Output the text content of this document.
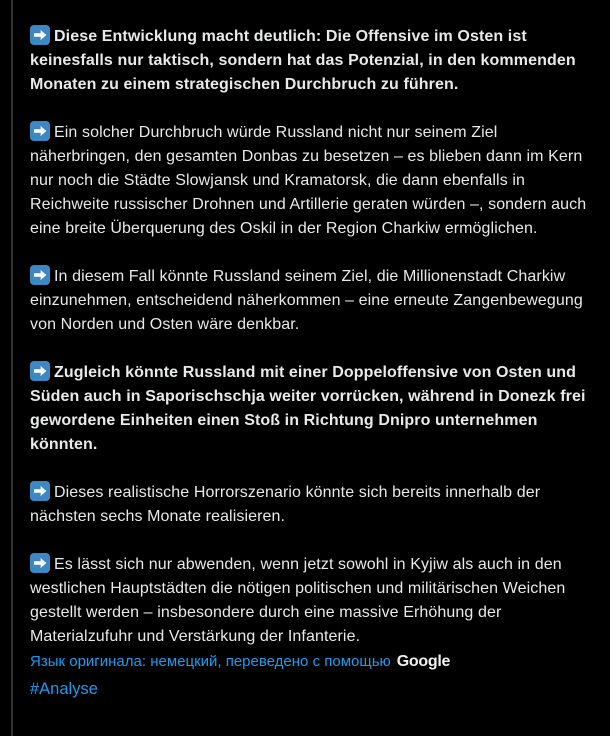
Diese Entwicklung macht deutlich: Die Offensive im Osten ist keinesfalls nur taktisch, sondern hat das Potenzial, in den kommenden Monaten zu einem strategischen Durchbruch zu führen.

Ein solcher Durchbruch würde Russland nicht nur seinem Ziel näherbringen, den gesamten Donbas zu besetzen – es blieben dann im Kern nur noch die Städte Slowjansk und Kramatorsk, die dann ebenfalls in Reichweite russischer Drohnen und Artillerie geraten würden –, sondern auch eine breite Überquerung des Oskil in der Region Charkiw ermöglichen.

In diesem Fall könnte Russland seinem Ziel, die Millionenstadt Charkiw einzunehmen, entscheidend näherkommen – eine erneute Zangenbewegung von Norden und Osten wäre denkbar.

Zugleich könnte Russland mit einer Doppeloffensive von Osten und Süden auch in Saporischschja weiter vorrücken, während in Donezk frei gewordene Einheiten einen Stoß in Richtung Dnipro unternehmen könnten.

Dieses realistische Horrorszenario könnte sich bereits innerhalb der nächsten sechs Monate realisieren.

Es lässt sich nur abwenden, wenn jetzt sowohl in Kyjiw als auch in den westlichen Hauptstädten die nötigen politischen und militärischen Weichen gestellt werden – insbesondere durch eine massive Erhöhung der Materialzufuhr und Verstärkung der Infanterie.

Язык оригинала: немецкий, переведено с помощью Google
#Analyse
